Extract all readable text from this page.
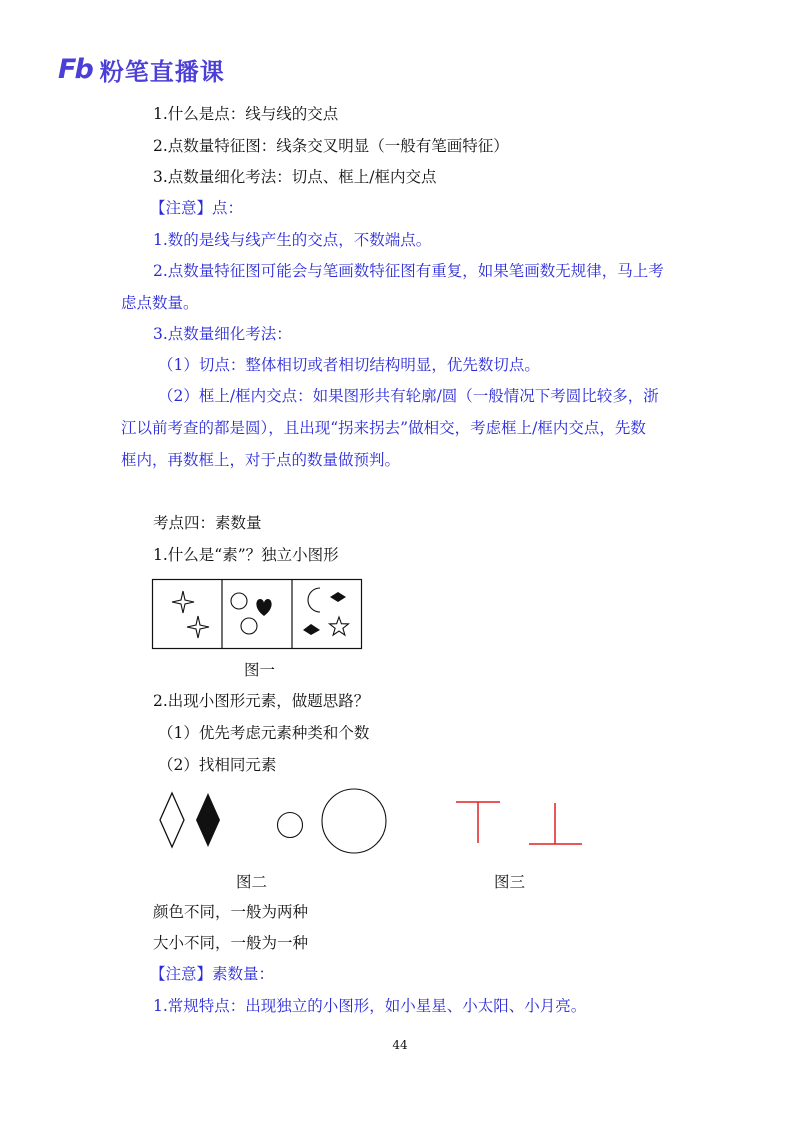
Fb 粉笔直播课
1.什么是点：线与线的交点
2.点数量特征图：线条交叉明显（一般有笔画特征）
3.点数量细化考法：切点、框上/框内交点
【注意】点：
1.数的是线与线产生的交点，不数端点。
2.点数量特征图可能会与笔画数特征图有重复，如果笔画数无规律，马上考
虑点数量。
3.点数量细化考法：
（1）切点：整体相切或者相切结构明显，优先数切点。
（2）框上/框内交点：如果图形共有轮廓/圆（一般情况下考圆比较多，浙
江以前考查的都是圆），且出现“拐来拐去”做相交，考虑框上/框内交点，先数
框内，再数框上，对于点的数量做预判。
考点四：素数量
1.什么是“素”？独立小图形
图一
2.出现小图形元素，做题思路？
（1）优先考虑元素种类和个数
（2）找相同元素
图二	图三
颜色不同，一般为两种
大小不同，一般为一种
【注意】素数量：
1.常规特点：出现独立的小图形，如小星星、小太阳、小月亮。
44
